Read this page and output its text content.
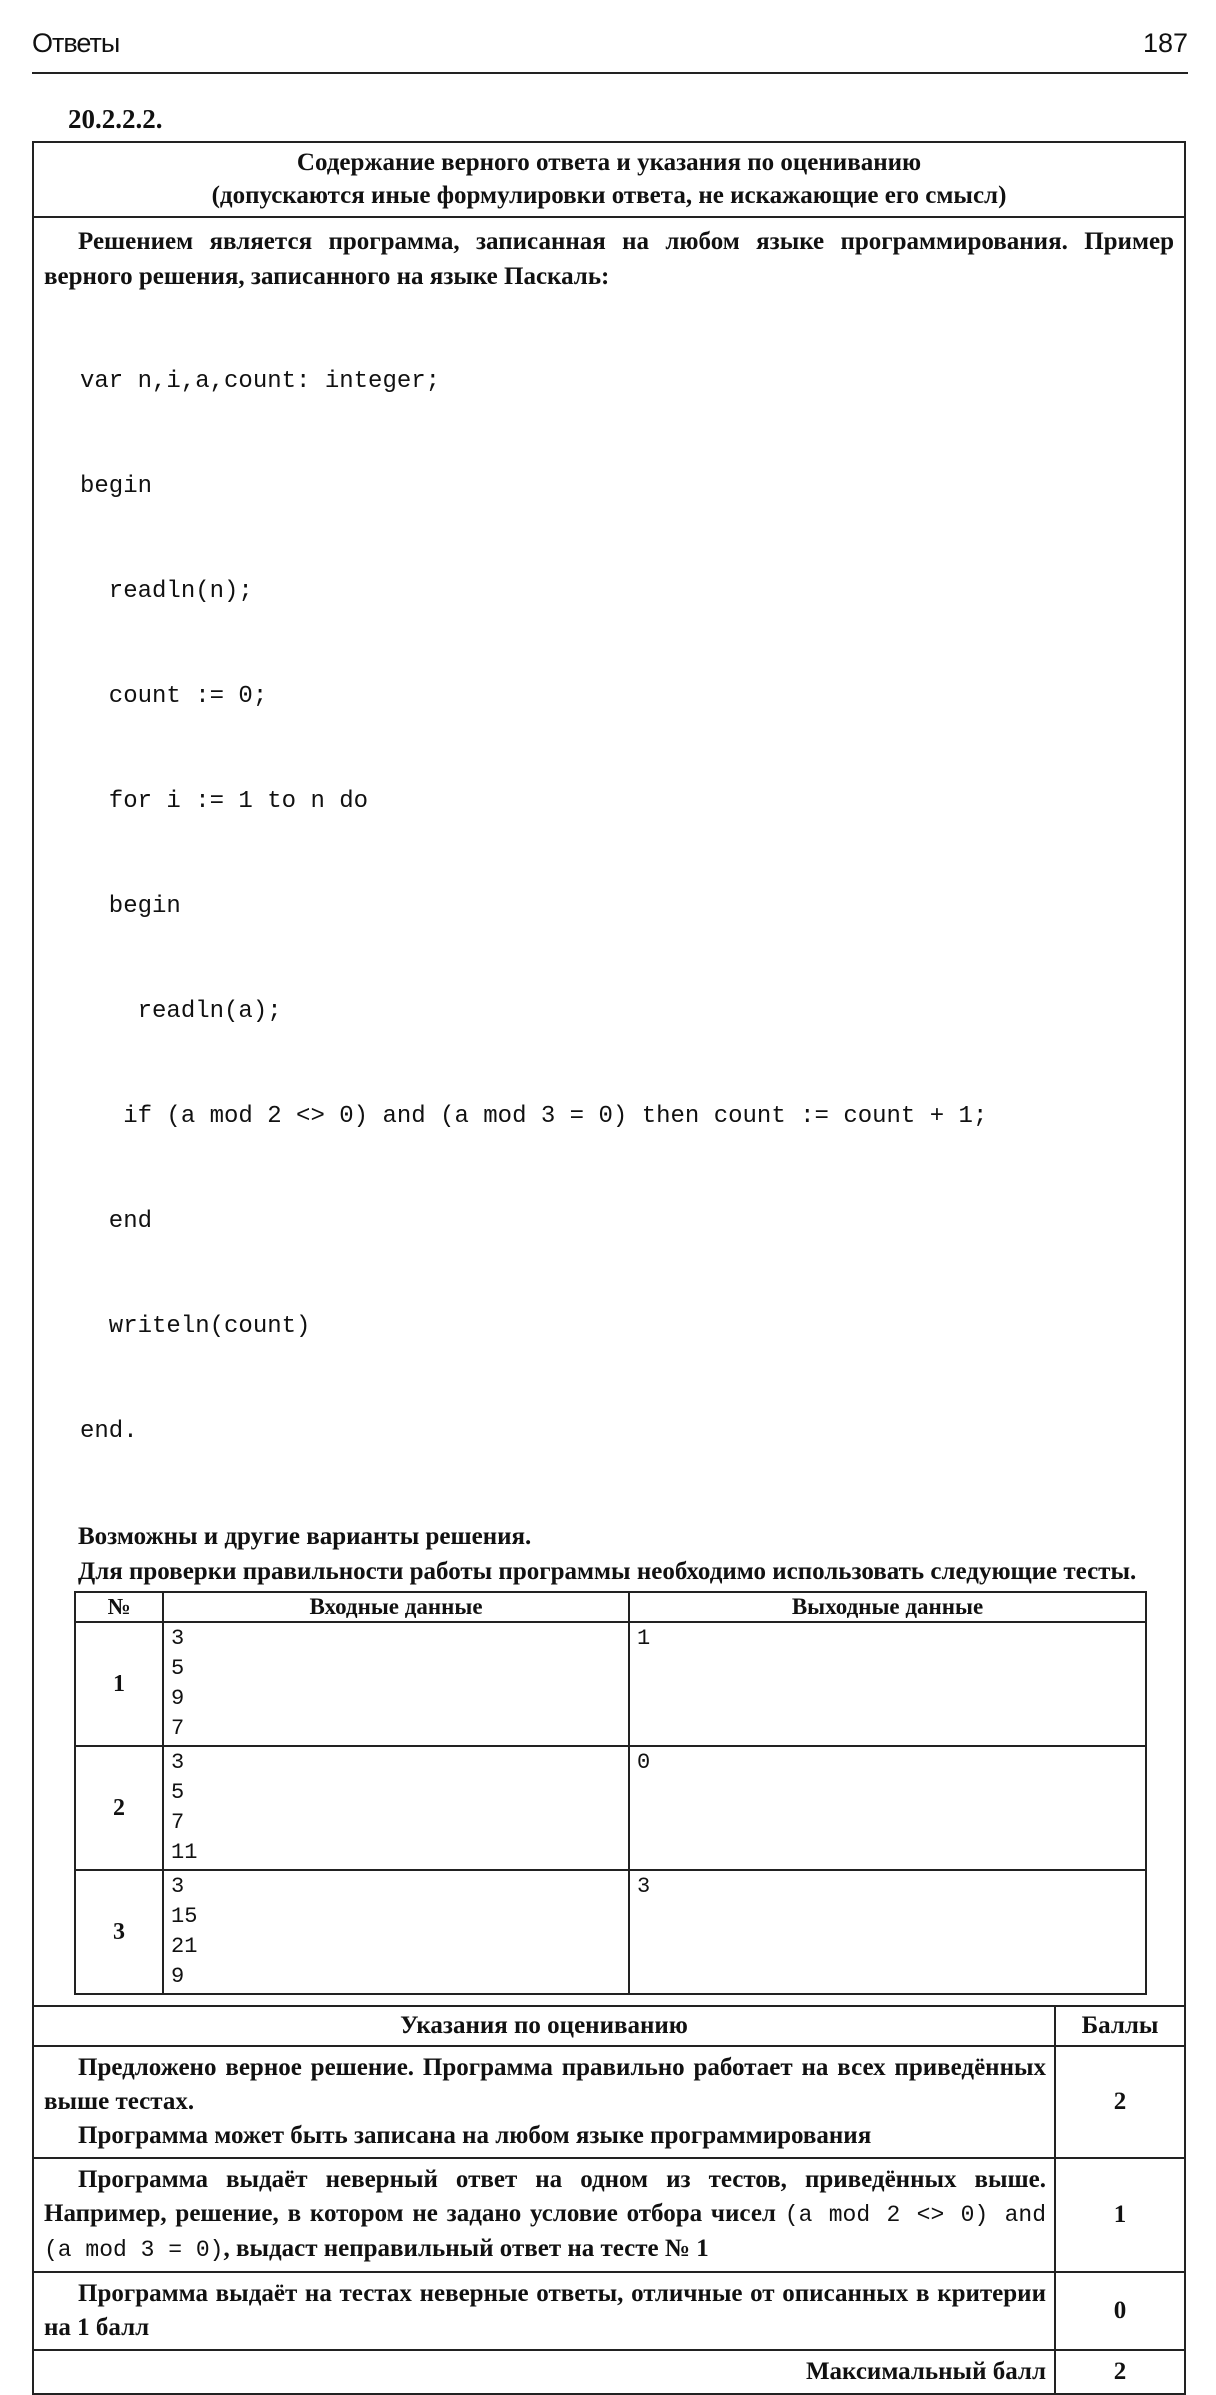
Ответы	187
20.2.2.2.
Содержание верного ответа и указания по оцениванию
(допускаются иные формулировки ответа, не искажающие его смысл)
Решением является программа, записанная на любом языке программирования. Пример верного решения, записанного на языке Паскаль:

var n,i,a,count: integer;

begin

readln(n);

count := 0;

for i := 1 to n do

begin

readln(a);

if (a mod 2 <> 0) and (a mod 3 = 0) then count := count + 1;

end

writeln(count)

end.

Возможны и другие варианты решения.
Для проверки правильности работы программы необходимо использовать следующие тесты.
№	Входные данные	Выходные данные
1	3
5
9
7	1

2	3
5
7
11	0

3	3
15
21
9	3
Указания по оцениванию	Баллы

Предложено верное решение. Программа правильно работает на всех приведённых выше тестах.
Программа может быть записана на любом языке программирования	2

Программа выдаёт неверный ответ на одном из тестов, приведённых выше. Например, решение, в котором не задано условие отбора чисел (a mod 2 <> 0) and (a mod 3 = 0), выдаст неправильный ответ на тесте № 1	1

Программа выдаёт на тестах неверные ответы, отличные от описанных в критерии на 1 балл	0
Максимальный балл	2
